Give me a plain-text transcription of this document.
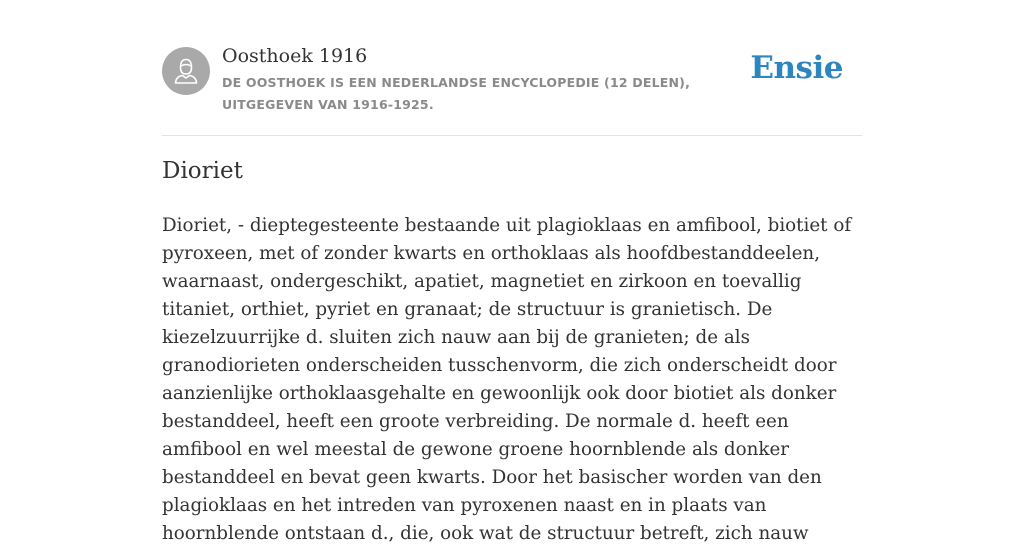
Oosthoek 1916
DE OOSTHOEK IS EEN NEDERLANDSE ENCYCLOPEDIE (12 DELEN), UITGEGEVEN VAN 1916-1925.
Ensie
Dioriet

Dioriet, - dieptegesteente bestaande uit plagioklaas en amfibool, biotiet of pyroxeen, met of zonder kwarts en orthoklaas als hoofdbestanddeelen, waarnaast, ondergeschikt, apatiet, magnetiet en zirkoon en toevallig titaniet, orthiet, pyriet en granaat; de structuur is granietisch. De kiezelzuurrijke d. sluiten zich nauw aan bij de granieten; de als granodiorieten onderscheiden tusschenvorm, die zich onderscheidt door aanzienlijke orthoklaasgehalte en gewoonlijk ook door biotiet als donker bestanddeel, heeft een groote verbreiding. De normale d. heeft een amfibool en wel meestal de gewone groene hoornblende als donker bestanddeel en bevat geen kwarts. Door het basischer worden van den plagioklaas en het intreden van pyroxenen naast en in plaats van hoornblende ontstaan d., die, ook wat de structuur betreft, zich nauw
